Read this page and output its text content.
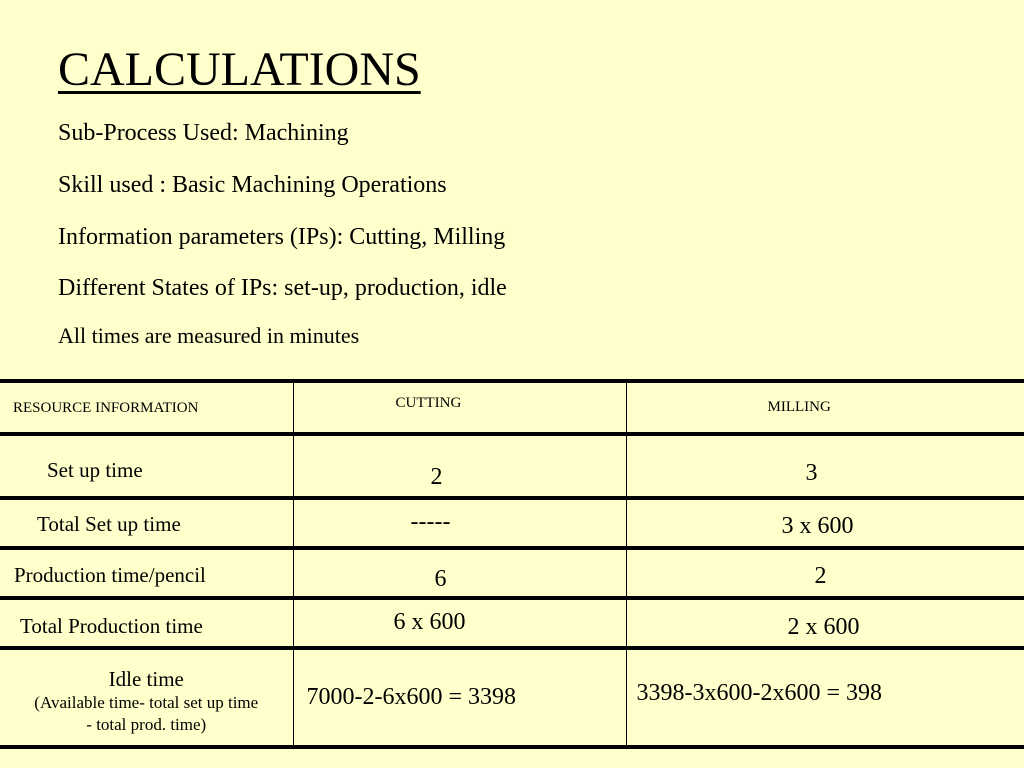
CALCULATIONS

Sub-Process Used: Machining

Skill used : Basic Machining Operations

Information parameters (IPs): Cutting, Milling

Different States of IPs: set-up, production, idle

All times are measured in minutes

RESOURCE INFORMATION	CUTTING	MILLING

Set up time	2	3

Total Set up time	-----	3 x 600

Production time/pencil	6	2

Total Production time	6 x 600	2 x 600

Idle time
(Available time- total set up time
- total prod. time)	7000-2-6x600 = 3398	3398-3x600-2x600 = 398
